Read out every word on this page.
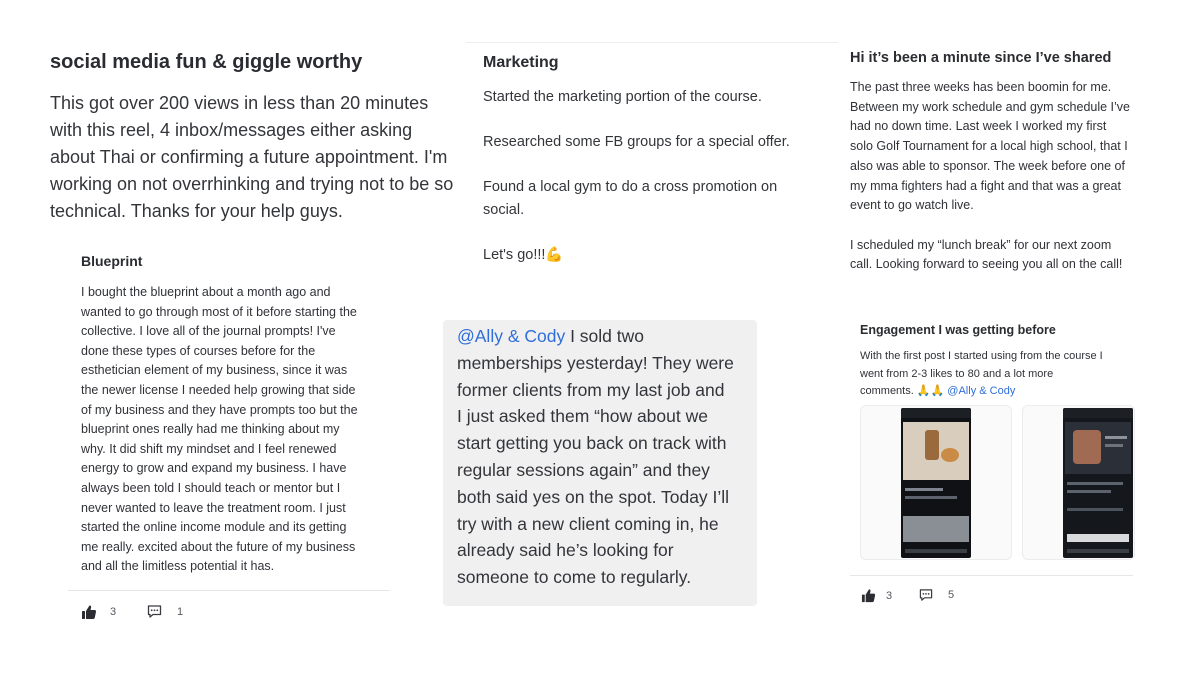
social media fun & giggle worthy
This got over 200 views in less than 20 minutes
with this reel, 4 inbox/messages either asking
about Thai or confirming a future appointment. I'm
working on not overrhinking and trying not to be so
technical. Thanks for your help guys.
Blueprint
I bought the blueprint about a month ago and
wanted to go through most of it before starting the
collective. I love all of the journal prompts! I've
done these types of courses before for the
esthetician element of my business, since it was
the newer license I needed help growing that side
of my business and they have prompts too but the
blueprint ones really had me thinking about my
why. It did shift my mindset and I feel renewed
energy to grow and expand my business. I have
always been told I should teach or mentor but I
never wanted to leave the treatment room. I just
started the online income module and its getting
me really. excited about the future of my business
and all the limitless potential it has.
3	1
Marketing
Started the marketing portion of the course.
Researched some FB groups for a special offer.
Found a local gym to do a cross promotion on
social.
Let's go!!!💪
@Ally & Cody I sold two
memberships yesterday! They were
former clients from my last job and
I just asked them “how about we
start getting you back on track with
regular sessions again” and they
both said yes on the spot. Today I’ll
try with a new client coming in, he
already said he’s looking for
someone to come to regularly.
Hi it’s been a minute since I’ve shared
The past three weeks has been boomin for me.
Between my work schedule and gym schedule I’ve
had no down time. Last week I worked my first
solo Golf Tournament for a local high school, that I
also was able to sponsor. The week before one of
my mma fighters had a fight and that was a great
event to go watch live.

I scheduled my “lunch break” for our next zoom
call. Looking forward to seeing you all on the call!
Engagement I was getting before
With the first post I started using from the course I
went from 2-3 likes to 80 and a lot more
comments. 🙏🙏 @Ally & Cody
3	5
